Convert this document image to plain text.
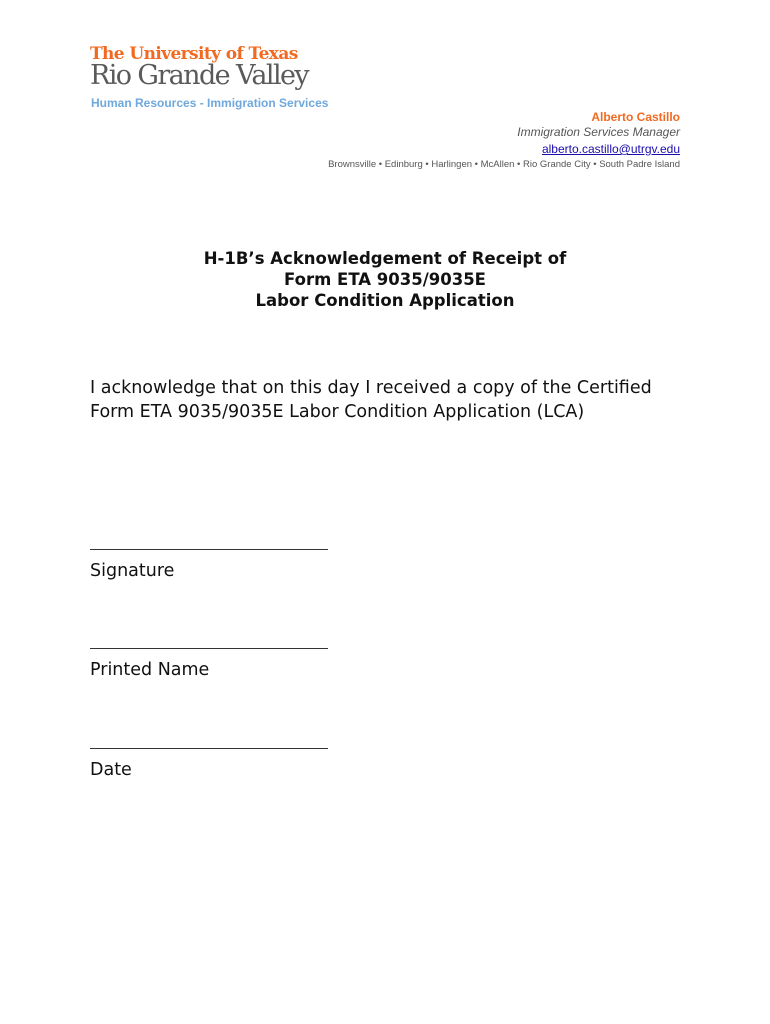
The University of Texas
Rio Grande Valley
Human Resources - Immigration Services
Alberto Castillo
Immigration Services Manager
alberto.castillo@utrgv.edu
Brownsville • Edinburg • Harlingen • McAllen • Rio Grande City • South Padre Island
H-1B’s Acknowledgement of Receipt of
Form ETA 9035/9035E
Labor Condition Application
I acknowledge that on this day I received a copy of the Certified
Form ETA 9035/9035E Labor Condition Application (LCA)
Signature
Printed Name
Date
